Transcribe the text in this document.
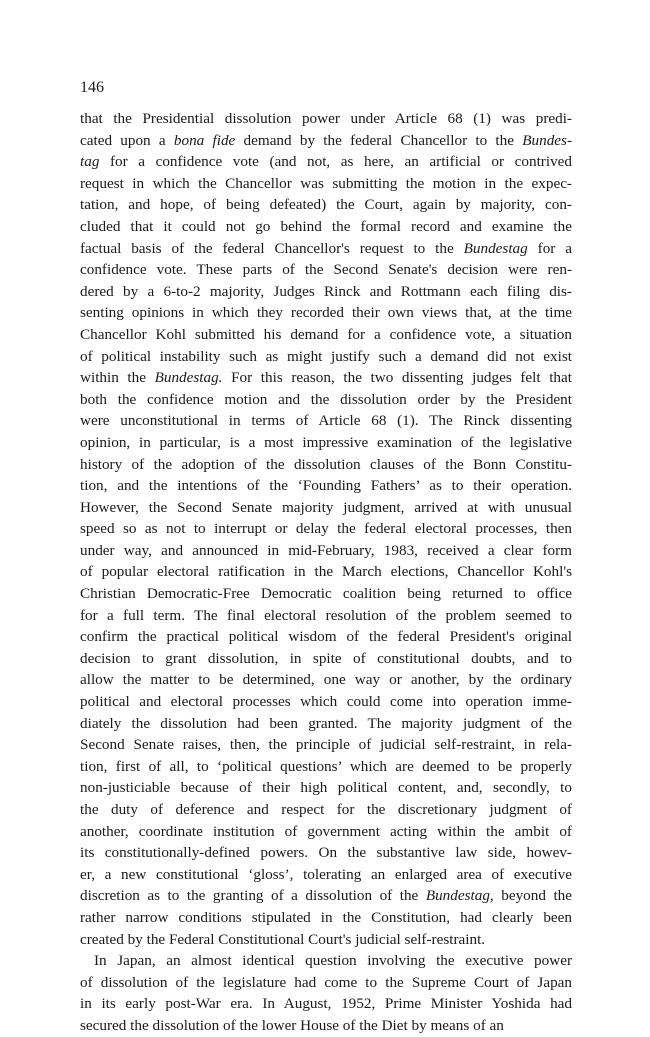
146
that the Presidential dissolution power under Article 68 (1) was predi-
cated upon a bona fide demand by the federal Chancellor to the Bundes-
tag for a confidence vote (and not, as here, an artificial or contrived
request in which the Chancellor was submitting the motion in the expec-
tation, and hope, of being defeated) the Court, again by majority, con-
cluded that it could not go behind the formal record and examine the
factual basis of the federal Chancellor's request to the Bundestag for a
confidence vote. These parts of the Second Senate's decision were ren-
dered by a 6-to-2 majority, Judges Rinck and Rottmann each filing dis-
senting opinions in which they recorded their own views that, at the time
Chancellor Kohl submitted his demand for a confidence vote, a situation
of political instability such as might justify such a demand did not exist
within the Bundestag. For this reason, the two dissenting judges felt that
both the confidence motion and the dissolution order by the President
were unconstitutional in terms of Article 68 (1). The Rinck dissenting
opinion, in particular, is a most impressive examination of the legislative
history of the adoption of the dissolution clauses of the Bonn Constitu-
tion, and the intentions of the ‘Founding Fathers’ as to their operation.
However, the Second Senate majority judgment, arrived at with unusual
speed so as not to interrupt or delay the federal electoral processes, then
under way, and announced in mid-February, 1983, received a clear form
of popular electoral ratification in the March elections, Chancellor Kohl's
Christian Democratic-Free Democratic coalition being returned to office
for a full term. The final electoral resolution of the problem seemed to
confirm the practical political wisdom of the federal President's original
decision to grant dissolution, in spite of constitutional doubts, and to
allow the matter to be determined, one way or another, by the ordinary
political and electoral processes which could come into operation imme-
diately the dissolution had been granted. The majority judgment of the
Second Senate raises, then, the principle of judicial self-restraint, in rela-
tion, first of all, to ‘political questions’ which are deemed to be properly
non-justiciable because of their high political content, and, secondly, to
the duty of deference and respect for the discretionary judgment of
another, coordinate institution of government acting within the ambit of
its constitutionally-defined powers. On the substantive law side, howev-
er, a new constitutional ‘gloss’, tolerating an enlarged area of executive
discretion as to the granting of a dissolution of the Bundestag, beyond the
rather narrow conditions stipulated in the Constitution, had clearly been
created by the Federal Constitutional Court's judicial self-restraint.
In Japan, an almost identical question involving the executive power
of dissolution of the legislature had come to the Supreme Court of Japan
in its early post-War era. In August, 1952, Prime Minister Yoshida had
secured the dissolution of the lower House of the Diet by means of an
